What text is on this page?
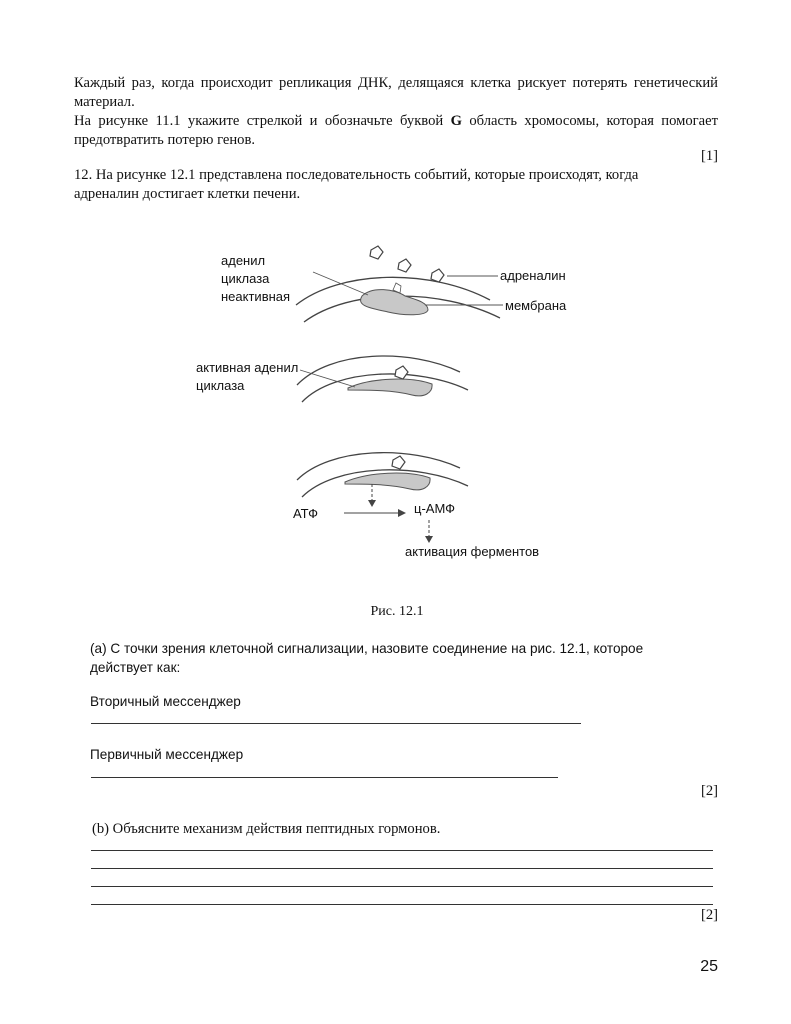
Каждый раз, когда происходит репликация ДНК, делящаяся клетка рискует потерять генетический материал.
На рисунке 11.1 укажите стрелкой и обозначьте буквой G область хромосомы, которая помогает предотвратить потерю генов.
[1]
12. На рисунке 12.1 представлена последовательность событий, которые происходят, когда адреналин достигает клетки печени.
аденил
циклаза
неактивная
адреналин
мембрана
активная аденил
циклаза
АТФ	ц-АМФ
активация ферментов
Рис. 12.1
(a) С точки зрения клеточной сигнализации, назовите соединение на рис. 12.1, которое действует как:
Вторичный мессенджер
Первичный мессенджер
[2]
(b) Объясните механизм действия пептидных гормонов.
[2]
25
